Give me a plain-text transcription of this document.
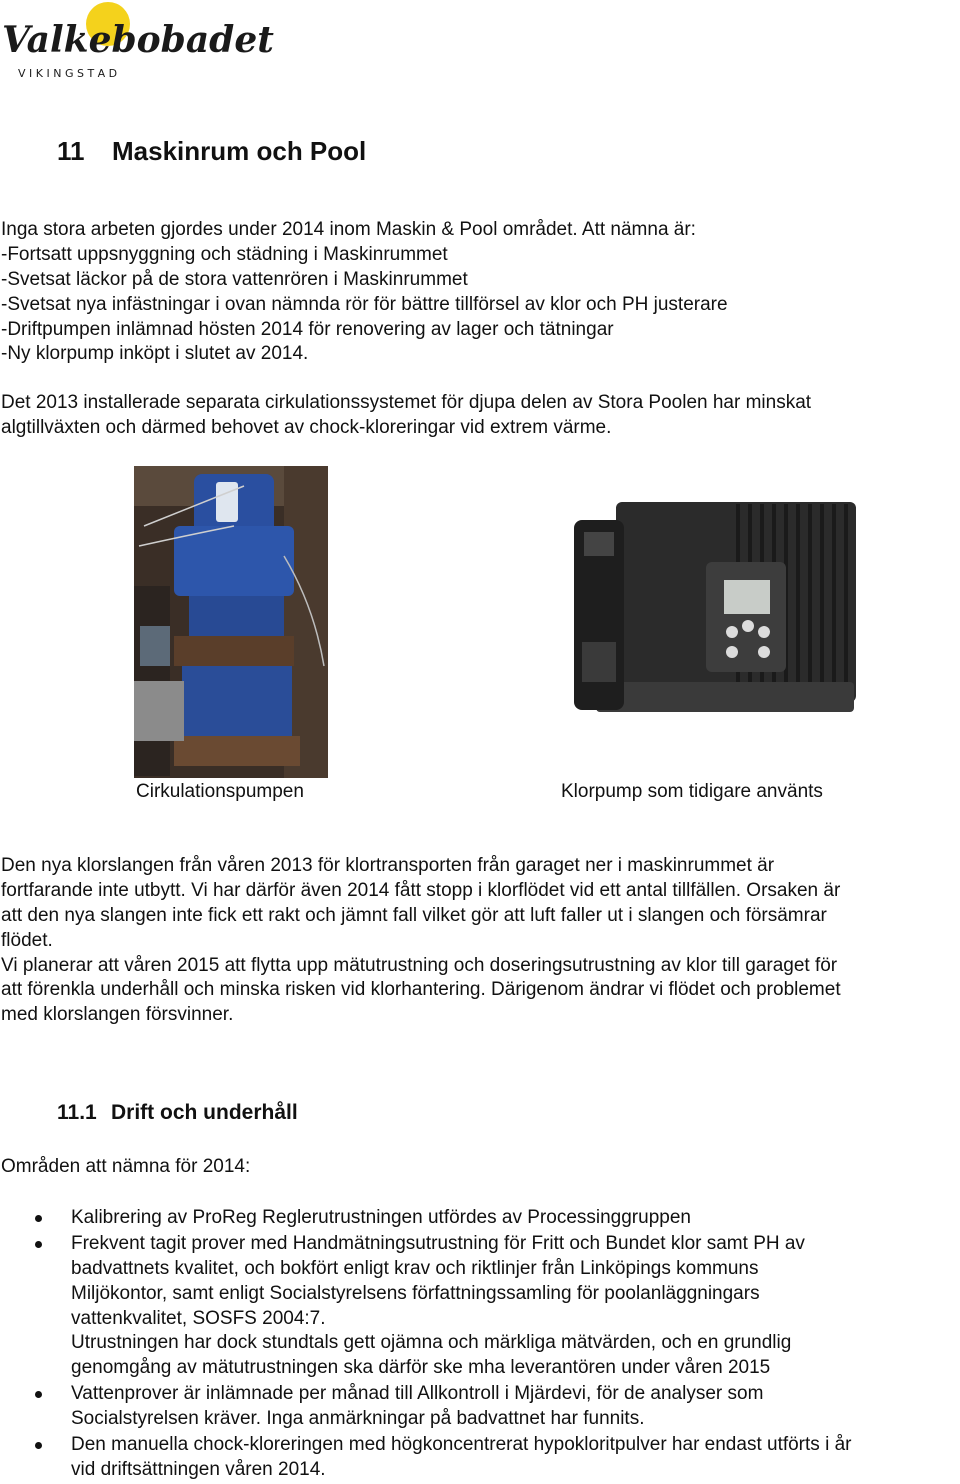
Valkebobadet
V I K I N G S T A D
11 Maskinrum och Pool
Inga stora arbeten gjordes under 2014 inom Maskin & Pool området. Att nämna är:
-Fortsatt uppsnyggning och städning i Maskinrummet
-Svetsat läckor på de stora vattenrören i Maskinrummet
-Svetsat nya infästningar i ovan nämnda rör för bättre tillförsel av klor och PH justerare
-Driftpumpen inlämnad hösten 2014 för renovering av lager och tätningar
-Ny klorpump inköpt i slutet av 2014.
Det 2013 installerade separata cirkulationssystemet för djupa delen av Stora Poolen har minskat
algtillväxten och därmed behovet av chock-kloreringar vid extrem värme.
Cirkulationspumpen	Klorpump som tidigare använts
Den nya klorslangen från våren 2013 för klortransporten från garaget ner i maskinrummet är
fortfarande inte utbytt. Vi har därför även 2014 fått stopp i klorflödet vid ett antal tillfällen. Orsaken är
att den nya slangen inte fick ett rakt och jämnt fall vilket gör att luft faller ut i slangen och försämrar
flödet.
Vi planerar att våren 2015 att flytta upp mätutrustning och doseringsutrustning av klor till garaget för
att förenkla underhåll och minska risken vid klorhantering. Därigenom ändrar vi flödet och problemet
med klorslangen försvinner.
11.1 Drift och underhåll
Områden att nämna för 2014:
Kalibrering av ProReg Reglerutrustningen utfördes av Processinggruppen
Frekvent tagit prover med Handmätningsutrustning för Fritt och Bundet klor samt PH av
badvattnets kvalitet, och bokfört enligt krav och riktlinjer från Linköpings kommuns
Miljökontor, samt enligt Socialstyrelsens författningssamling för poolanläggningars
vattenkvalitet, SOSFS 2004:7.
Utrustningen har dock stundtals gett ojämna och märkliga mätvärden, och en grundlig
genomgång av mätutrustningen ska därför ske mha leverantören under våren 2015
Vattenprover är inlämnade per månad till Allkontroll i Mjärdevi, för de analyser som
Socialstyrelsen kräver. Inga anmärkningar på badvattnet har funnits.
Den manuella chock-kloreringen med högkoncentrerat hypokloritpulver har endast utförts i år
vid driftsättningen våren 2014.
